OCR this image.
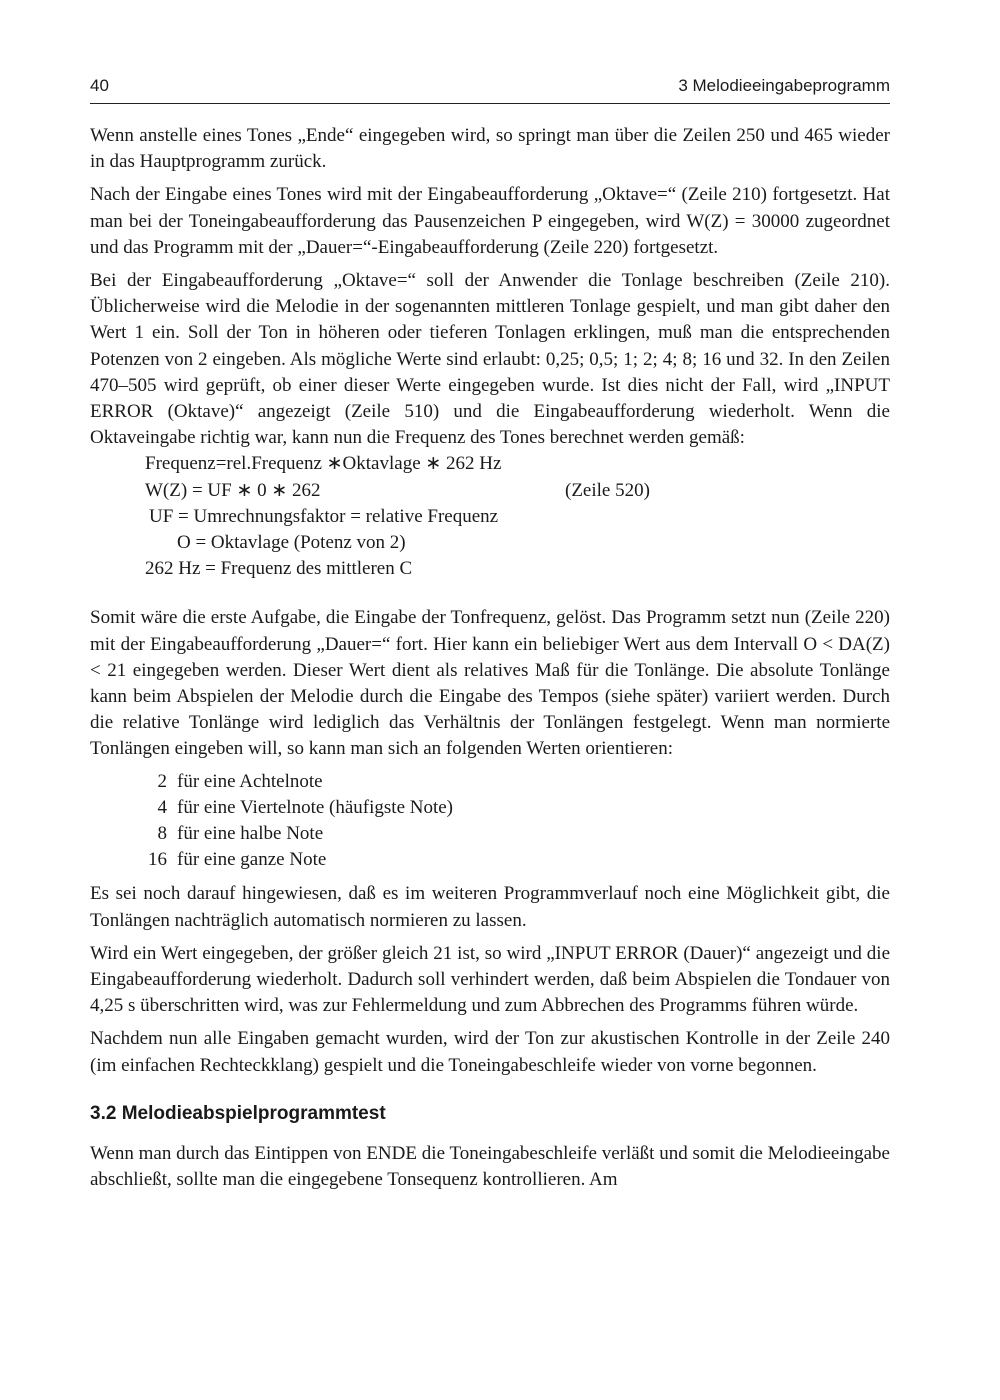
40	3 Melodieeingabeprogramm

Wenn anstelle eines Tones „Ende“ eingegeben wird, so springt man über die Zeilen 250 und 465 wieder in das Hauptprogramm zurück.

Nach der Eingabe eines Tones wird mit der Eingabeaufforderung „Oktave=“ (Zeile 210) fortgesetzt. Hat man bei der Toneingabeaufforderung das Pausenzeichen P eingegeben, wird W(Z) = 30000 zugeordnet und das Programm mit der „Dauer=“-Eingabeaufforderung (Zeile 220) fortgesetzt.

Bei der Eingabeaufforderung „Oktave=“ soll der Anwender die Tonlage beschreiben (Zeile 210). Üblicherweise wird die Melodie in der sogenannten mittleren Tonlage gespielt, und man gibt daher den Wert 1 ein. Soll der Ton in höheren oder tieferen Tonlagen erklingen, muß man die entsprechenden Potenzen von 2 eingeben. Als mögliche Werte sind erlaubt: 0,25; 0,5; 1; 2; 4; 8; 16 und 32. In den Zeilen 470–505 wird geprüft, ob einer dieser Werte eingegeben wurde. Ist dies nicht der Fall, wird „INPUT ERROR (Oktave)“ angezeigt (Zeile 510) und die Eingabeaufforderung wiederholt. Wenn die Oktaveingabe richtig war, kann nun die Frequenz des Tones berechnet werden gemäß:

Frequenz=rel.Frequenz ∗Oktavlage ∗ 262 Hz
W(Z) = UF ∗ 0 ∗ 262	(Zeile 520)
UF = Umrechnungsfaktor = relative Frequenz
O = Oktavlage (Potenz von 2)
262 Hz = Frequenz des mittleren C

Somit wäre die erste Aufgabe, die Eingabe der Tonfrequenz, gelöst. Das Programm setzt nun (Zeile 220) mit der Eingabeaufforderung „Dauer=“ fort. Hier kann ein beliebiger Wert aus dem Intervall O < DA(Z) < 21 eingegeben werden. Dieser Wert dient als relatives Maß für die Tonlänge. Die absolute Tonlänge kann beim Abspielen der Melodie durch die Eingabe des Tempos (siehe später) variiert werden. Durch die relative Tonlänge wird lediglich das Verhältnis der Tonlängen festgelegt. Wenn man normierte Tonlängen eingeben will, so kann man sich an folgenden Werten orientieren:

2 für eine Achtelnote
4 für eine Viertelnote (häufigste Note)
8 für eine halbe Note
16 für eine ganze Note

Es sei noch darauf hingewiesen, daß es im weiteren Programmverlauf noch eine Möglichkeit gibt, die Tonlängen nachträglich automatisch normieren zu lassen.

Wird ein Wert eingegeben, der größer gleich 21 ist, so wird „INPUT ERROR (Dauer)“ angezeigt und die Eingabeaufforderung wiederholt. Dadurch soll verhindert werden, daß beim Abspielen die Tondauer von 4,25 s überschritten wird, was zur Fehlermeldung und zum Abbrechen des Programms führen würde.

Nachdem nun alle Eingaben gemacht wurden, wird der Ton zur akustischen Kontrolle in der Zeile 240 (im einfachen Rechteckklang) gespielt und die Toneingabeschleife wieder von vorne begonnen.

3.2 Melodieabspielprogrammtest

Wenn man durch das Eintippen von ENDE die Toneingabeschleife verläßt und somit die Melodieeingabe abschließt, sollte man die eingegebene Tonsequenz kontrollieren. Am
